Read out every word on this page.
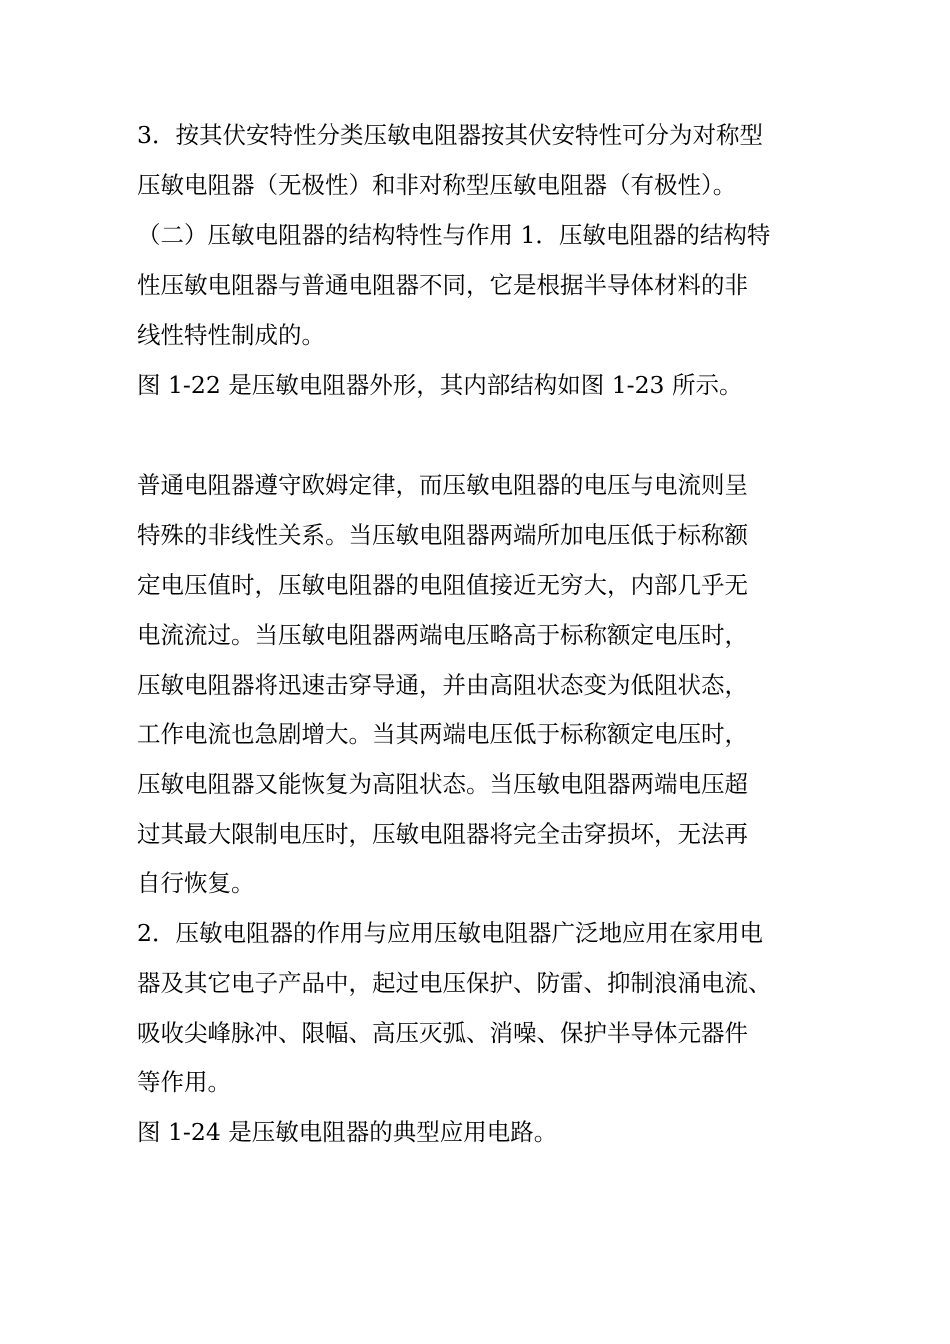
3．按其伏安特性分类压敏电阻器按其伏安特性可分为对称型

压敏电阻器（无极性）和非对称型压敏电阻器（有极性）。

（二）压敏电阻器的结构特性与作用 1．压敏电阻器的结构特

性压敏电阻器与普通电阻器不同，它是根据半导体材料的非

线性特性制成的。

图 1-22 是压敏电阻器外形，其内部结构如图 1-23 所示。

普通电阻器遵守欧姆定律，而压敏电阻器的电压与电流则呈

特殊的非线性关系。当压敏电阻器两端所加电压低于标称额

定电压值时，压敏电阻器的电阻值接近无穷大，内部几乎无

电流流过。当压敏电阻器两端电压略高于标称额定电压时，

压敏电阻器将迅速击穿导通，并由高阻状态变为低阻状态，

工作电流也急剧增大。当其两端电压低于标称额定电压时，

压敏电阻器又能恢复为高阻状态。当压敏电阻器两端电压超

过其最大限制电压时，压敏电阻器将完全击穿损坏，无法再

自行恢复。

2．压敏电阻器的作用与应用压敏电阻器广泛地应用在家用电

器及其它电子产品中，起过电压保护、防雷、抑制浪涌电流、

吸收尖峰脉冲、限幅、高压灭弧、消噪、保护半导体元器件

等作用。

图 1-24 是压敏电阻器的典型应用电路。
